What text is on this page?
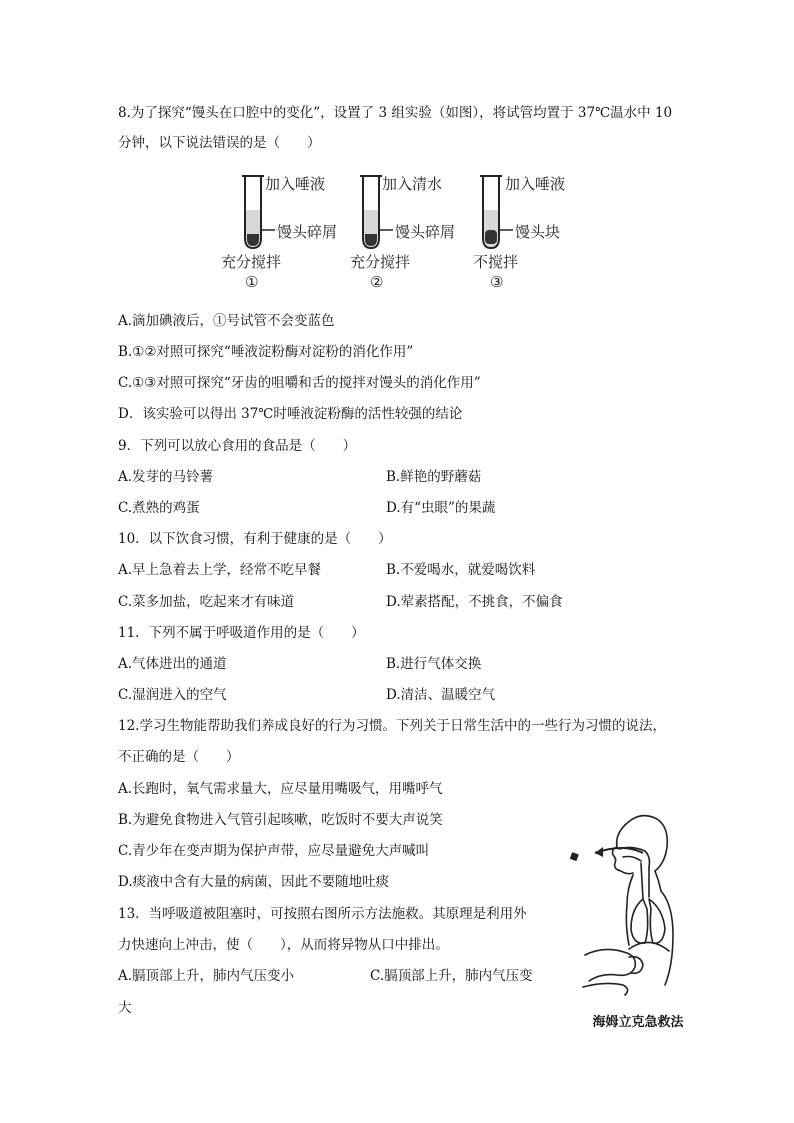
8.为了探究“馒头在口腔中的变化”，设置了 3 组实验（如图），将试管均置于 37℃温水中 10
分钟，以下说法错误的是（　　）
加入唾液
馒头碎屑
充分搅拌
①
加入清水
馒头碎屑
充分搅拌
②
加入唾液
馒头块
不搅拌
③
A.滴加碘液后，①号试管不会变蓝色
B.①②对照可探究“唾液淀粉酶对淀粉的消化作用”
C.①③对照可探究“牙齿的咀嚼和舌的搅拌对馒头的消化作用”
D．该实验可以得出 37℃时唾液淀粉酶的活性较强的结论
9．下列可以放心食用的食品是（　　）
A.发芽的马铃薯	B.鲜艳的野蘑菇
C.煮熟的鸡蛋	D.有“虫眼”的果蔬
10．以下饮食习惯，有利于健康的是（　　）
A.早上急着去上学，经常不吃早餐	B.不爱喝水，就爱喝饮料
C.菜多加盐，吃起来才有味道	D.荤素搭配，不挑食，不偏食
11．下列不属于呼吸道作用的是（　　）
A.气体进出的通道	B.进行气体交换
C.湿润进入的空气	D.清洁、温暖空气
12.学习生物能帮助我们养成良好的行为习惯。下列关于日常生活中的一些行为习惯的说法，
不正确的是（　　）
A.长跑时，氧气需求量大，应尽量用嘴吸气，用嘴呼气
B.为避免食物进入气管引起咳嗽，吃饭时不要大声说笑
C.青少年在变声期为保护声带，应尽量避免大声喊叫
D.痰液中含有大量的病菌，因此不要随地吐痰
13．当呼吸道被阻塞时，可按照右图所示方法施救。其原理是利用外
力快速向上冲击，使（　　），从而将异物从口中排出。
A.膈顶部上升，肺内气压变小	C.膈顶部上升，肺内气压变
大
海姆立克急救法
